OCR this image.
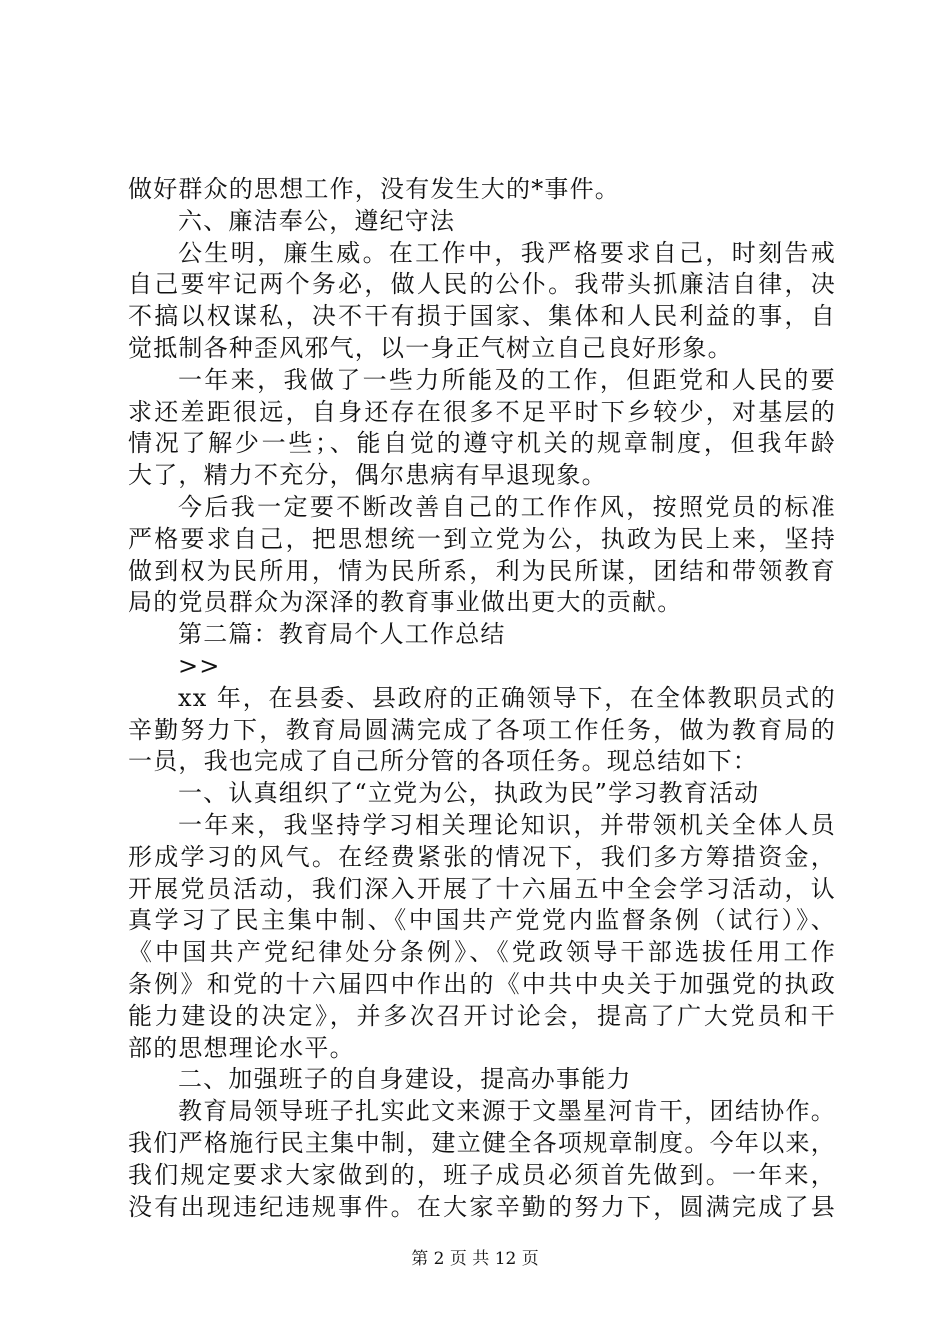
做好群众的思想工作，没有发生大的*事件。
六、廉洁奉公，遵纪守法
公生明，廉生威。在工作中，我严格要求自己，时刻告戒
自己要牢记两个务必，做人民的公仆。我带头抓廉洁自律，决
不搞以权谋私，决不干有损于国家、集体和人民利益的事，自
觉抵制各种歪风邪气，以一身正气树立自己良好形象。
一年来，我做了一些力所能及的工作，但距党和人民的要
求还差距很远，自身还存在很多不足平时下乡较少，对基层的
情况了解少一些；、能自觉的遵守机关的规章制度，但我年龄
大了，精力不充分，偶尔患病有早退现象。
今后我一定要不断改善自己的工作作风，按照党员的标准
严格要求自己，把思想统一到立党为公，执政为民上来，坚持
做到权为民所用，情为民所系，利为民所谋，团结和带领教育
局的党员群众为深泽的教育事业做出更大的贡献。
第二篇：教育局个人工作总结
>>
xx 年，在县委、县政府的正确领导下，在全体教职员式的
辛勤努力下，教育局圆满完成了各项工作任务，做为教育局的
一员，我也完成了自己所分管的各项任务。现总结如下：
一、认真组织了“立党为公，执政为民”学习教育活动
一年来，我坚持学习相关理论知识，并带领机关全体人员
形成学习的风气。在经费紧张的情况下，我们多方筹措资金，
开展党员活动，我们深入开展了十六届五中全会学习活动，认
真学习了民主集中制、《中国共产党党内监督条例（试行）》、
《中国共产党纪律处分条例》、《党政领导干部选拔任用工作
条例》和党的十六届四中作出的《中共中央关于加强党的执政
能力建设的决定》，并多次召开讨论会，提高了广大党员和干
部的思想理论水平。
二、加强班子的自身建设，提高办事能力
教育局领导班子扎实此文来源于文墨星河肯干，团结协作。
我们严格施行民主集中制，建立健全各项规章制度。今年以来，
我们规定要求大家做到的，班子成员必须首先做到。一年来，
没有出现违纪违规事件。在大家辛勤的努力下，圆满完成了县
第 2 页 共 12 页
